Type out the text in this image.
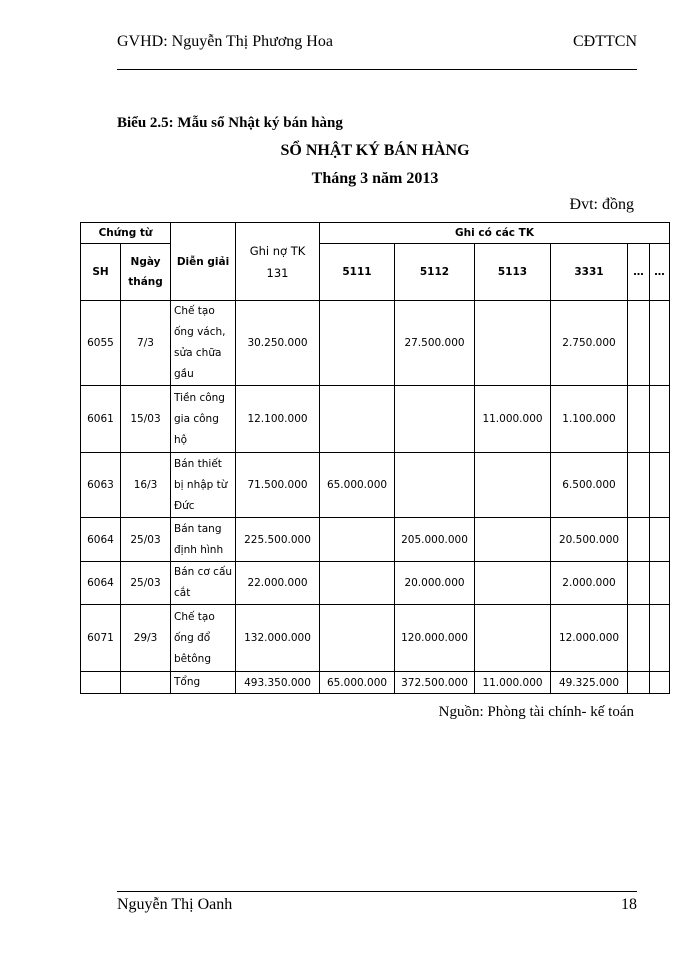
GVHD: Nguyễn Thị Phương Hoa	CĐTTCN
Biểu 2.5: Mẫu sổ Nhật ký bán hàng
SỔ NHẬT KÝ BÁN HÀNG
Tháng 3 năm 2013
Đvt: đồng
Chứng từ		Diễn giải	Ghi nợ TK 131	Ghi có các TK					
SH	Ngày tháng			5111	5112	5113	3331	…	…
6055	7/3	Chế tạo ống vách, sửa chữa gầu	30.250.000		27.500.000		2.750.000		
6061	15/03	Tiền công gia công hộ	12.100.000			11.000.000	1.100.000		
6063	16/3	Bán thiết bị nhập từ Đức	71.500.000	65.000.000			6.500.000		
6064	25/03	Bán tang định hình	225.500.000		205.000.000		20.500.000		
6064	25/03	Bán cơ cấu cắt	22.000.000		20.000.000		2.000.000		
6071	29/3	Chế tạo ống đổ bêtông	132.000.000		120.000.000		12.000.000		
		Tổng	493.350.000	65.000.000	372.500.000	11.000.000	49.325.000		
Nguồn: Phòng tài chính- kế toán
Nguyễn Thị Oanh	18
